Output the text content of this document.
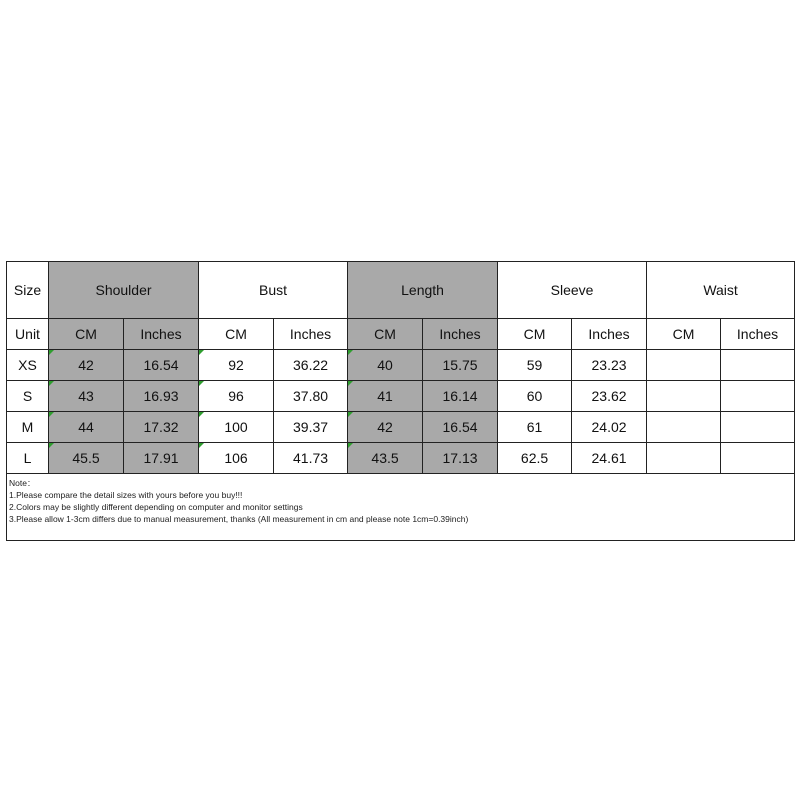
Size	Shoulder		Bust		Length		Sleeve		Waist	
Unit	CM	Inches	CM	Inches	CM	Inches	CM	Inches	CM	Inches
XS	42	16.54	92	36.22	40	15.75	59	23.23		
S	43	16.93	96	37.80	41	16.14	60	23.62		
M	44	17.32	100	39.37	42	16.54	61	24.02		
L	45.5	17.91	106	41.73	43.5	17.13	62.5	24.61		

Note：
1.Please compare the detail sizes with yours before you buy!!!
2.Colors may be slightly different depending on computer and monitor settings
3.Please allow 1-3cm differs due to manual measurement, thanks (All measurement in cm and please note 1cm=0.39inch)										
